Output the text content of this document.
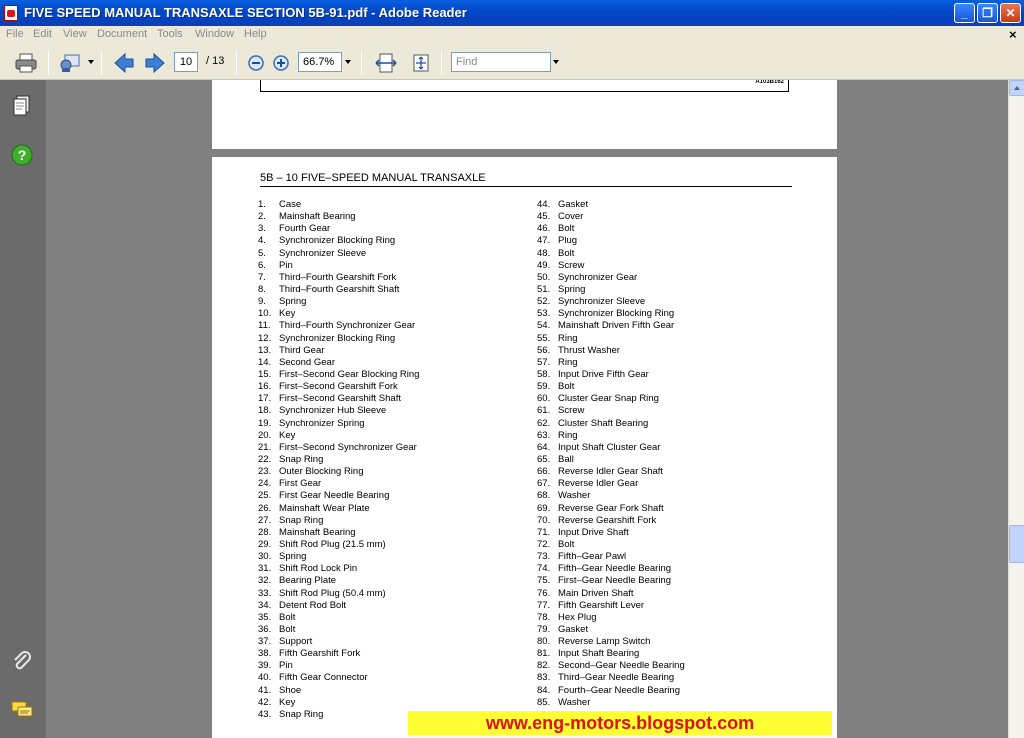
FIVE SPEED MANUAL TRANSAXLE SECTION 5B-91.pdf - Adobe Reader	_	❐	✕
File Edit View Document Tools Window Help	×
10	/ 13	66.7%	Find
?
A103B162
5B – 10 FIVE–SPEED MANUAL TRANSAXLE
1. Case
2. Mainshaft Bearing
3. Fourth Gear
4. Synchronizer Blocking Ring
5. Synchronizer Sleeve
6. Pin
7. Third–Fourth Gearshift Fork
8. Third–Fourth Gearshift Shaft
9. Spring
10. Key
11. Third–Fourth Synchronizer Gear
12. Synchronizer Blocking Ring
13. Third Gear
14. Second Gear
15. First–Second Gear Blocking Ring
16. First–Second Gearshift Fork
17. First–Second Gearshift Shaft
18. Synchronizer Hub Sleeve
19. Synchronizer Spring
20. Key
21. First–Second Synchronizer Gear
22. Snap Ring
23. Outer Blocking Ring
24. First Gear
25. First Gear Needle Bearing
26. Mainshaft Wear Plate
27. Snap Ring
28. Mainshaft Bearing
29. Shift Rod Plug (21.5 mm)
30. Spring
31. Shift Rod Lock Pin
32. Bearing Plate
33. Shift Rod Plug (50.4 mm)
34. Detent Rod Bolt
35. Bolt
36. Bolt
37. Support
38. Fifth Gearshift Fork
39. Pin
40. Fifth Gear Connector
41. Shoe
42. Key
43. Snap Ring
44. Gasket
45. Cover
46. Bolt
47. Plug
48. Bolt
49. Screw
50. Synchronizer Gear
51. Spring
52. Synchronizer Sleeve
53. Synchronizer Blocking Ring
54. Mainshaft Driven Fifth Gear
55. Ring
56. Thrust Washer
57. Ring
58. Input Drive Fifth Gear
59. Bolt
60. Cluster Gear Snap Ring
61. Screw
62. Cluster Shaft Bearing
63. Ring
64. Input Shaft Cluster Gear
65. Ball
66. Reverse Idler Gear Shaft
67. Reverse Idler Gear
68. Washer
69. Reverse Gear Fork Shaft
70. Reverse Gearshift Fork
71. Input Drive Shaft
72. Bolt
73. Fifth–Gear Pawl
74. Fifth–Gear Needle Bearing
75. First–Gear Needle Bearing
76. Main Driven Shaft
77. Fifth Gearshift Lever
78. Hex Plug
79. Gasket
80. Reverse Lamp Switch
81. Input Shaft Bearing
82. Second–Gear Needle Bearing
83. Third–Gear Needle Bearing
84. Fourth–Gear Needle Bearing
85. Washer
www.eng-motors.blogspot.com
